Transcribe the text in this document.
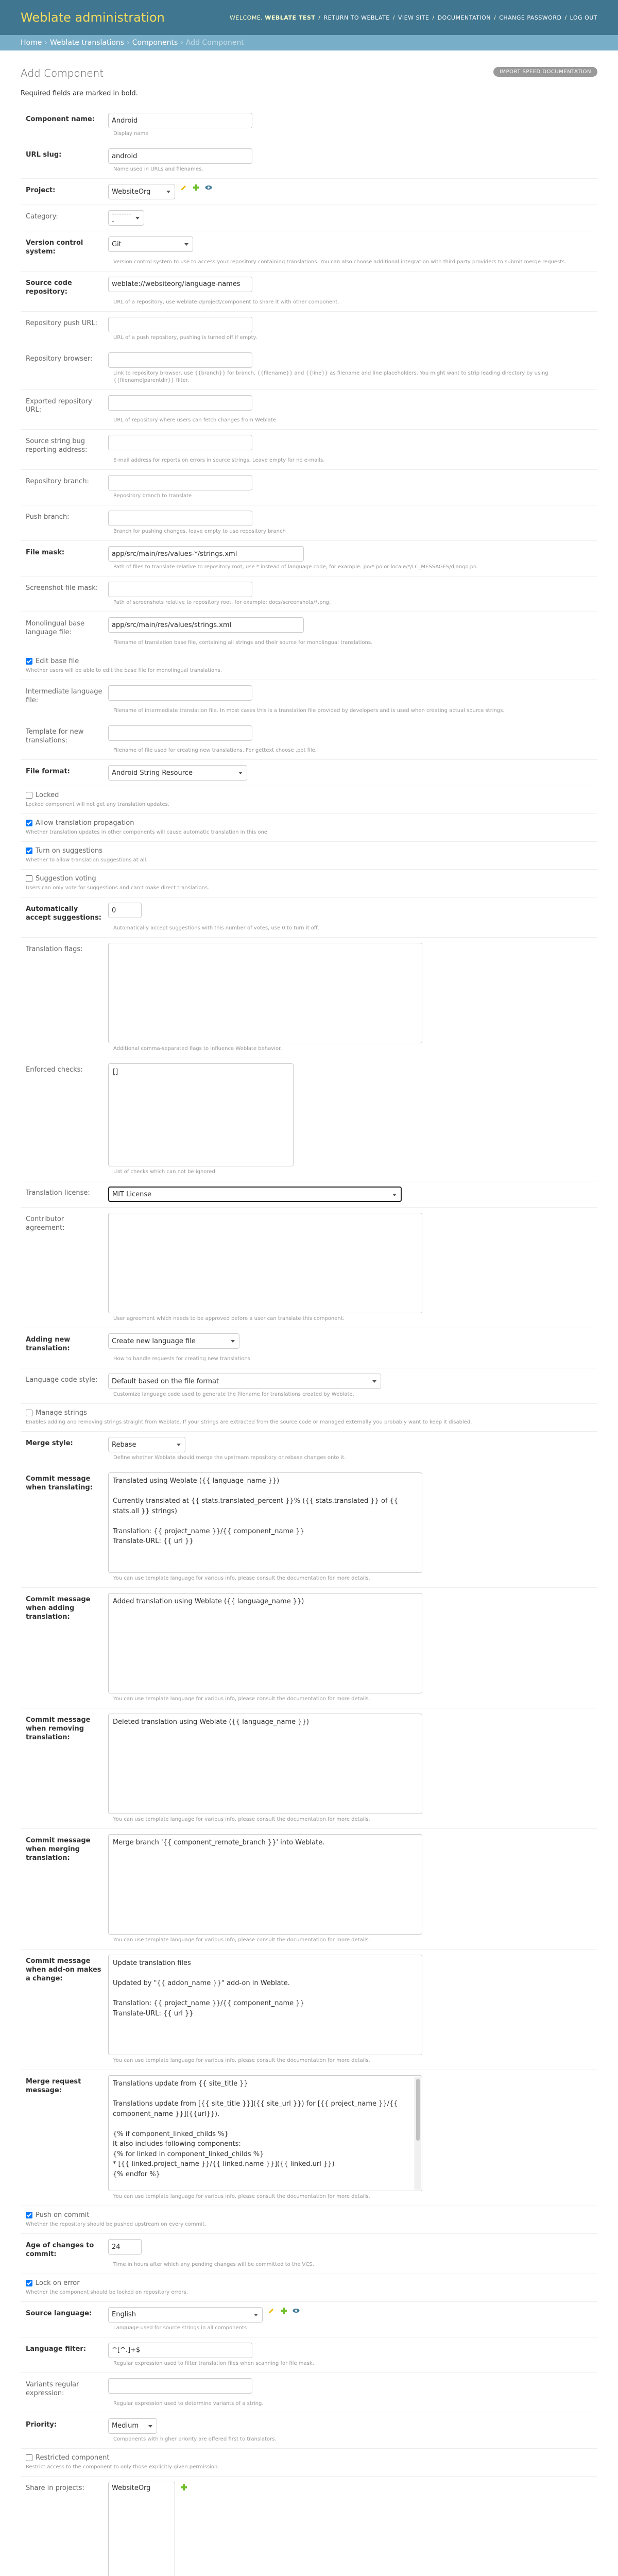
Weblate administration	WELCOME, WEBLATE TEST / RETURN TO WEBLATE / VIEW SITE / DOCUMENTATION / CHANGE PASSWORD / LOG OUT
Home › Weblate translations › Components › Add Component
Add Component	IMPORT SPEED DOCUMENTATION
Required fields are marked in bold.
Component name:
Android
Display name
URL slug:
android
Name used in URLs and filenames.
Project:	WebsiteOrg
Category:	---------
Version control system:
Git
Version control system to use to access your repository containing translations. You can also choose additional integration with third party providers to submit merge requests.
Source code repository:
weblate://websiteorg/language-names
URL of a repository, use weblate://project/component to share it with other component.
Repository push URL:
URL of a push repository, pushing is turned off if empty.
Repository browser:
Link to repository browser, use {{branch}} for branch, {{filename}} and {{line}} as filename and line placeholders. You might want to strip leading directory by using {{filename|parentdir}} filter.
Exported repository URL:
URL of repository where users can fetch changes from Weblate
Source string bug reporting address:
E-mail address for reports on errors in source strings. Leave empty for no e-mails.
Repository branch:
Repository branch to translate
Push branch:
Branch for pushing changes, leave empty to use repository branch
File mask:
app/src/main/res/values-*/strings.xml
Path of files to translate relative to repository root, use * instead of language code, for example: po/*.po or locale/*/LC_MESSAGES/django.po.
Screenshot file mask:
Path of screenshots relative to repository root, for example: docs/screenshots/*.png.
Monolingual base language file:
app/src/main/res/values/strings.xml
Filename of translation base file, containing all strings and their source for monolingual translations.
Edit base file
Whether users will be able to edit the base file for monolingual translations.
Intermediate language file:
Filename of intermediate translation file. In most cases this is a translation file provided by developers and is used when creating actual source strings.
Template for new translations:
Filename of file used for creating new translations. For gettext choose .pot file.
File format:	Android String Resource
Locked
Locked component will not get any translation updates.
Allow translation propagation
Whether translation updates in other components will cause automatic translation in this one
Turn on suggestions
Whether to allow translation suggestions at all.
Suggestion voting
Users can only vote for suggestions and can't make direct translations.
Automatically accept suggestions:
0
Automatically accept suggestions with this number of votes, use 0 to turn it off.
Translation flags:
Additional comma-separated flags to influence Weblate behavior.
Enforced checks:	[]
List of checks which can not be ignored.
Translation license:	MIT License
Contributor agreement:
User agreement which needs to be approved before a user can translate this component.
Adding new translation:
Create new language file
How to handle requests for creating new translations.
Language code style:	Default based on the file format
Customize language code used to generate the filename for translations created by Weblate.
Manage strings
Enables adding and removing strings straight from Weblate. If your strings are extracted from the source code or managed externally you probably want to keep it disabled.
Merge style:	Rebase
Define whether Weblate should merge the upstream repository or rebase changes onto it.
Commit message when translating:
Translated using Weblate ({{ language_name }})

Currently translated at {{ stats.translated_percent }}% ({{ stats.translated }} of {{ stats.all }} strings)

Translation: {{ project_name }}/{{ component_name }}
Translate-URL: {{ url }}
You can use template language for various info, please consult the documentation for more details.
Commit message when adding translation:
Added translation using Weblate ({{ language_name }})
You can use template language for various info, please consult the documentation for more details.
Commit message when removing translation:
Deleted translation using Weblate ({{ language_name }})
You can use template language for various info, please consult the documentation for more details.
Commit message when merging translation:
Merge branch '{{ component_remote_branch }}' into Weblate.
You can use template language for various info, please consult the documentation for more details.
Commit message when add-on makes a change:
Update translation files

Updated by "{{ addon_name }}" add-on in Weblate.

Translation: {{ project_name }}/{{ component_name }}
Translate-URL: {{ url }}
You can use template language for various info, please consult the documentation for more details.
Merge request message:
Translations update from {{ site_title }}

Translations update from [{{ site_title }}]({{ site_url }}) for [{{ project_name }}/{{ component_name }}]({{url}}).

{% if component_linked_childs %}
It also includes following components:
{% for linked in component_linked_childs %}
* [{{ linked.project_name }}/{{ linked.name }}]({{ linked.url }})
{% endfor %}
You can use template language for various info, please consult the documentation for more details.
Push on commit
Whether the repository should be pushed upstream on every commit.
Age of changes to commit:
24
Time in hours after which any pending changes will be committed to the VCS.
Lock on error
Whether the component should be locked on repository errors.
Source language:	English
Language used for source strings in all components
Language filter:
^[^.]+$
Regular expression used to filter translation files when scanning for file mask.
Variants regular expression:
Regular expression used to determine variants of a string.
Priority:	Medium
Components with higher priority are offered first to translators.
Restricted component
Restrict access to the component to only those explicitly given permission.
Share in projects:	WebsiteOrg
